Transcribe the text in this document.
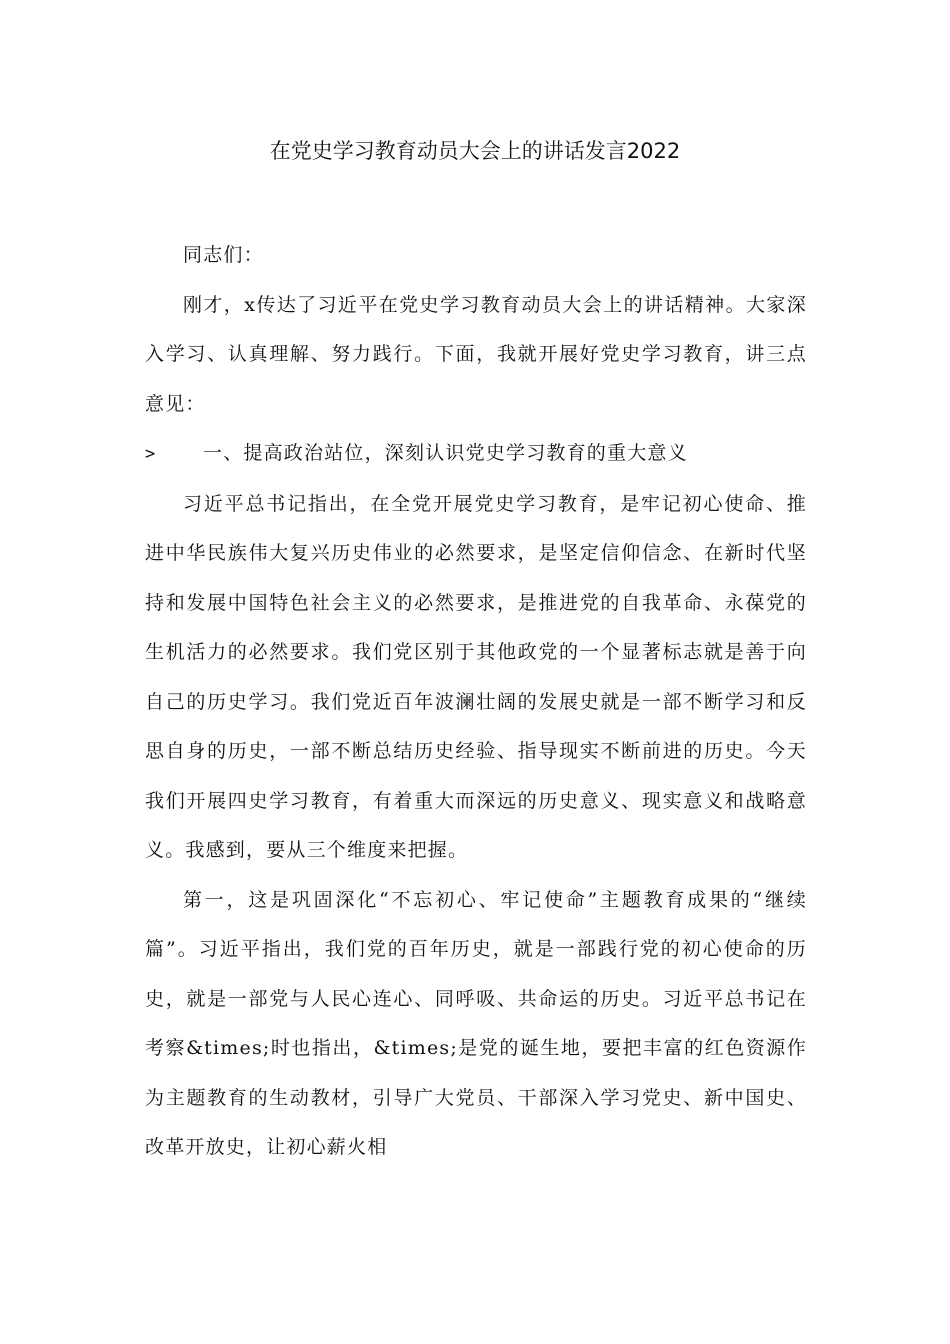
在党史学习教育动员大会上的讲话发言2022

同志们：

刚才，x传达了习近平在党史学习教育动员大会上的讲话精神。大家深入学习、认真理解、努力践行。下面，我就开展好党史学习教育，讲三点意见：

>	一、提高政治站位，深刻认识党史学习教育的重大意义

习近平总书记指出，在全党开展党史学习教育，是牢记初心使命、推进中华民族伟大复兴历史伟业的必然要求，是坚定信仰信念、在新时代坚持和发展中国特色社会主义的必然要求，是推进党的自我革命、永葆党的生机活力的必然要求。我们党区别于其他政党的一个显著标志就是善于向自己的历史学习。我们党近百年波澜壮阔的发展史就是一部不断学习和反思自身的历史，一部不断总结历史经验、指导现实不断前进的历史。今天我们开展四史学习教育，有着重大而深远的历史意义、现实意义和战略意义。我感到，要从三个维度来把握。

第一，这是巩固深化“不忘初心、牢记使命”主题教育成果的“继续篇”。习近平指出，我们党的百年历史，就是一部践行党的初心使命的历史，就是一部党与人民心连心、同呼吸、共命运的历史。习近平总书记在考察&times;时也指出，&times;是党的诞生地，要把丰富的红色资源作为主题教育的生动教材，引导广大党员、干部深入学习党史、新中国史、改革开放史，让初心薪火相
